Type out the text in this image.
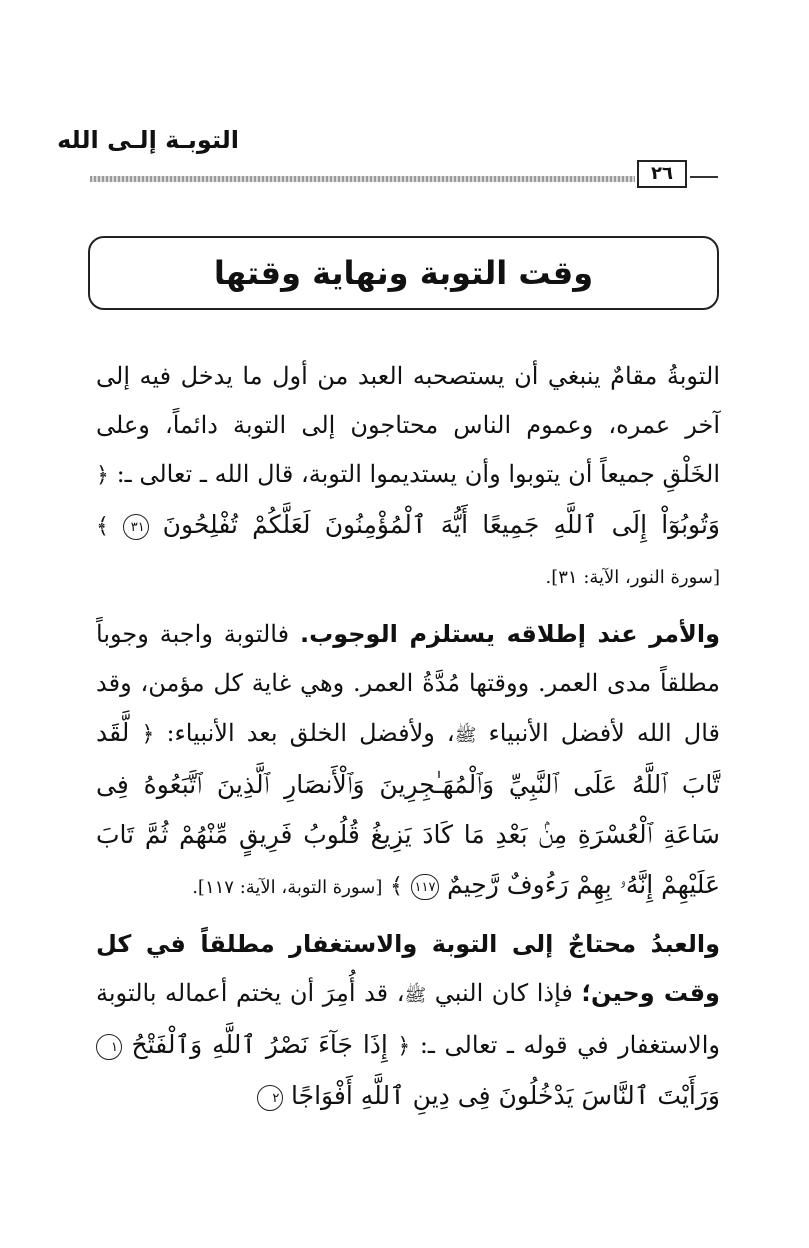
التوبـة إلـى الله
٢٦
وقت التوبة ونهاية وقتها

التوبةُ مقامٌ ينبغي أن يستصحبه العبد من أول ما يدخل فيه إلى آخر عمره، وعموم الناس محتاجون إلى التوبة دائماً، وعلى الخَلْقِ جميعاً أن يتوبوا وأن يستديموا التوبة، قال الله ـ تعالى ـ: ﴿ وَتُوبُوٓاْ إِلَى ٱللَّهِ جَمِيعًا أَيُّهَ ٱلْمُؤْمِنُونَ لَعَلَّكُمْ تُفْلِحُونَ ٣١ ﴾ [سورة النور، الآية: ٣١].

والأمر عند إطلاقه يستلزم الوجوب. فالتوبة واجبة وجوباً مطلقاً مدى العمر. ووقتها مُدَّةُ العمر. وهي غاية كل مؤمن، وقد قال الله لأفضل الأنبياء ﷺ، ولأفضل الخلق بعد الأنبياء: ﴿ لَّقَد تَّابَ ٱللَّهُ عَلَى ٱلنَّبِيِّ وَٱلْمُهَـٰجِرِينَ وَٱلْأَنصَارِ ٱلَّذِينَ ٱتَّبَعُوهُ فِى سَاعَةِ ٱلْعُسْرَةِ مِنۢ بَعْدِ مَا كَادَ يَزِيغُ قُلُوبُ فَرِيقٍ مِّنْهُمْ ثُمَّ تَابَ عَلَيْهِمْ إِنَّهُۥ بِهِمْ رَءُوفٌ رَّحِيمٌ ١١٧ ﴾ [سورة التوبة، الآية: ١١٧].

والعبدُ محتاجٌ إلى التوبة والاستغفار مطلقاً في كل وقت وحين؛ فإذا كان النبي ﷺ، قد أُمِرَ أن يختم أعماله بالتوبة والاستغفار في قوله ـ تعالى ـ: ﴿ إِذَا جَآءَ نَصْرُ ٱللَّهِ وَٱلْفَتْحُ ١ وَرَأَيْتَ ٱلنَّاسَ يَدْخُلُونَ فِى دِينِ ٱللَّهِ أَفْوَاجًا ٢
